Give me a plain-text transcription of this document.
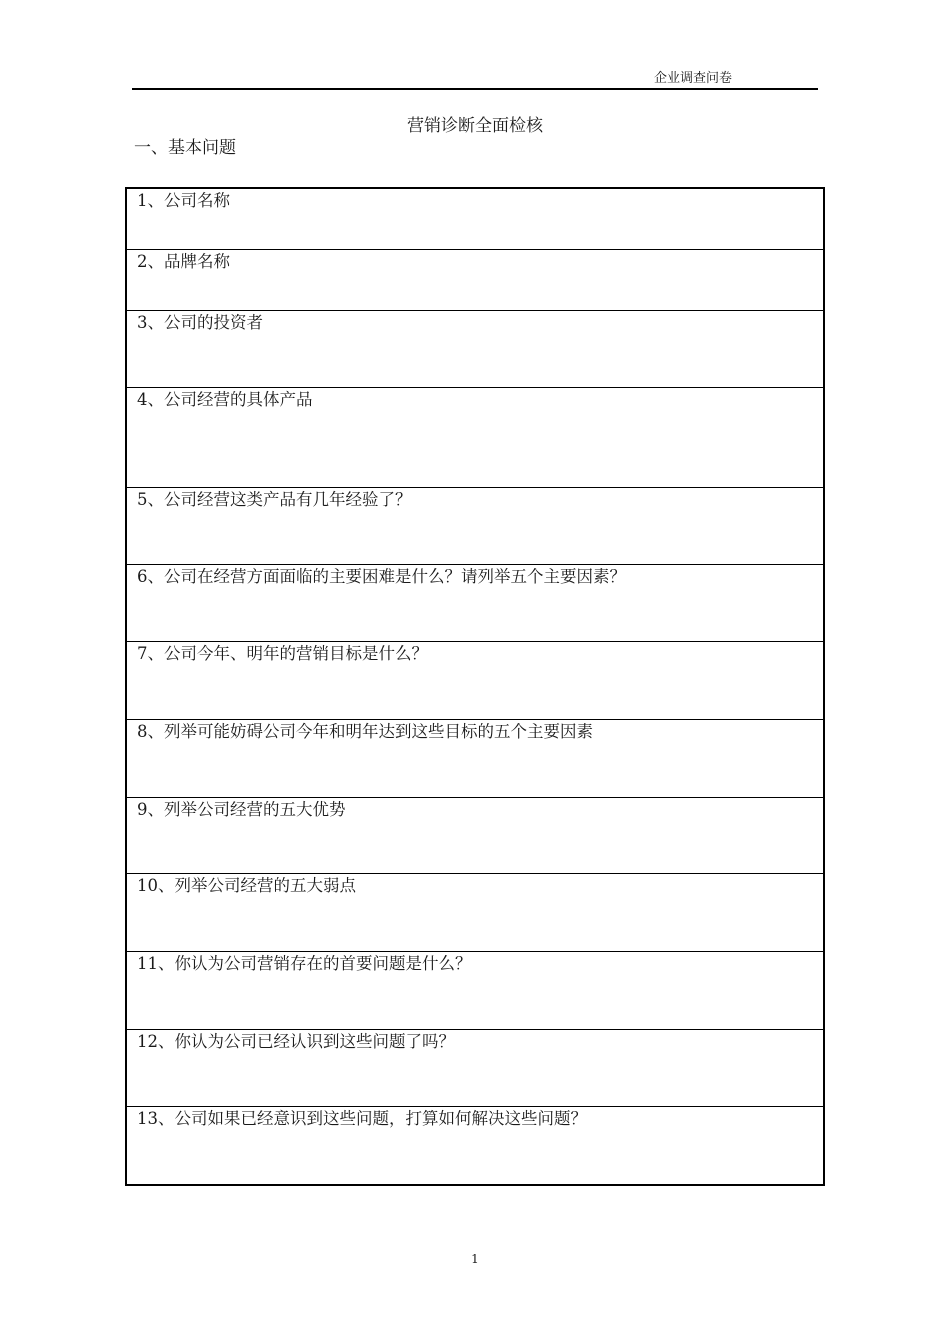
企业调查问卷
营销诊断全面检核
一、基本问题
1、公司名称

2、品牌名称

3、公司的投资者

4、公司经营的具体产品

5、公司经营这类产品有几年经验了？

6、公司在经营方面面临的主要困难是什么？请列举五个主要因素？

7、公司今年、明年的营销目标是什么？

8、列举可能妨碍公司今年和明年达到这些目标的五个主要因素

9、列举公司经营的五大优势

10、列举公司经营的五大弱点

11、你认为公司营销存在的首要问题是什么？

12、你认为公司已经认识到这些问题了吗？

13、公司如果已经意识到这些问题，打算如何解决这些问题？
1
